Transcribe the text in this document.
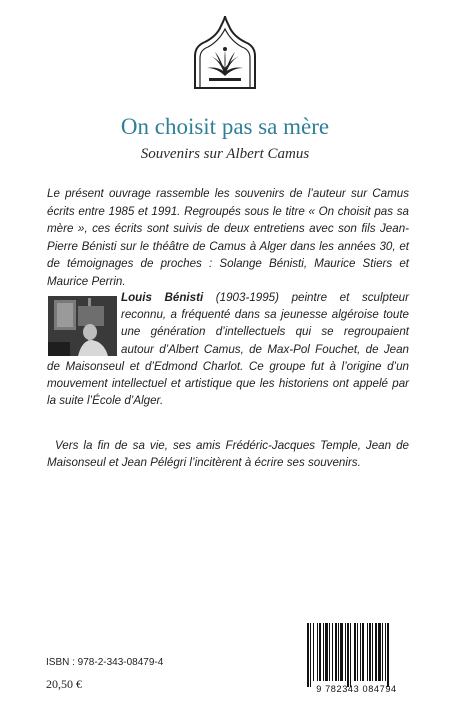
On choisit pas sa mère
Souvenirs sur Albert Camus

Le présent ouvrage rassemble les souvenirs de l’auteur sur Camus écrits entre 1985 et 1991. Regroupés sous le titre « On choisit pas sa mère », ces écrits sont suivis de deux entretiens avec son fils Jean-Pierre Bénisti sur le théâtre de Camus à Alger dans les années 30, et de témoignages de proches : Solange Bénisti, Maurice Stiers et Maurice Perrin.

Louis Bénisti (1903-1995) peintre et sculpteur reconnu, a fréquenté dans sa jeunesse algéroise toute une génération d’intellectuels qui se regroupaient autour d’Albert Camus, de Max-Pol Fouchet, de Jean de Maisonseul et d’Edmond Charlot. Ce groupe fut à l’origine d’un mouvement intellectuel et artistique que les historiens ont appelé par la suite l’École d’Alger.

Vers la fin de sa vie, ses amis Frédéric-Jacques Temple, Jean de Maisonseul et Jean Pélégri l’incitèrent à écrire ses souvenirs.

ISBN : 978-2-343-08479-4
20,50 €	9 782343 084794
